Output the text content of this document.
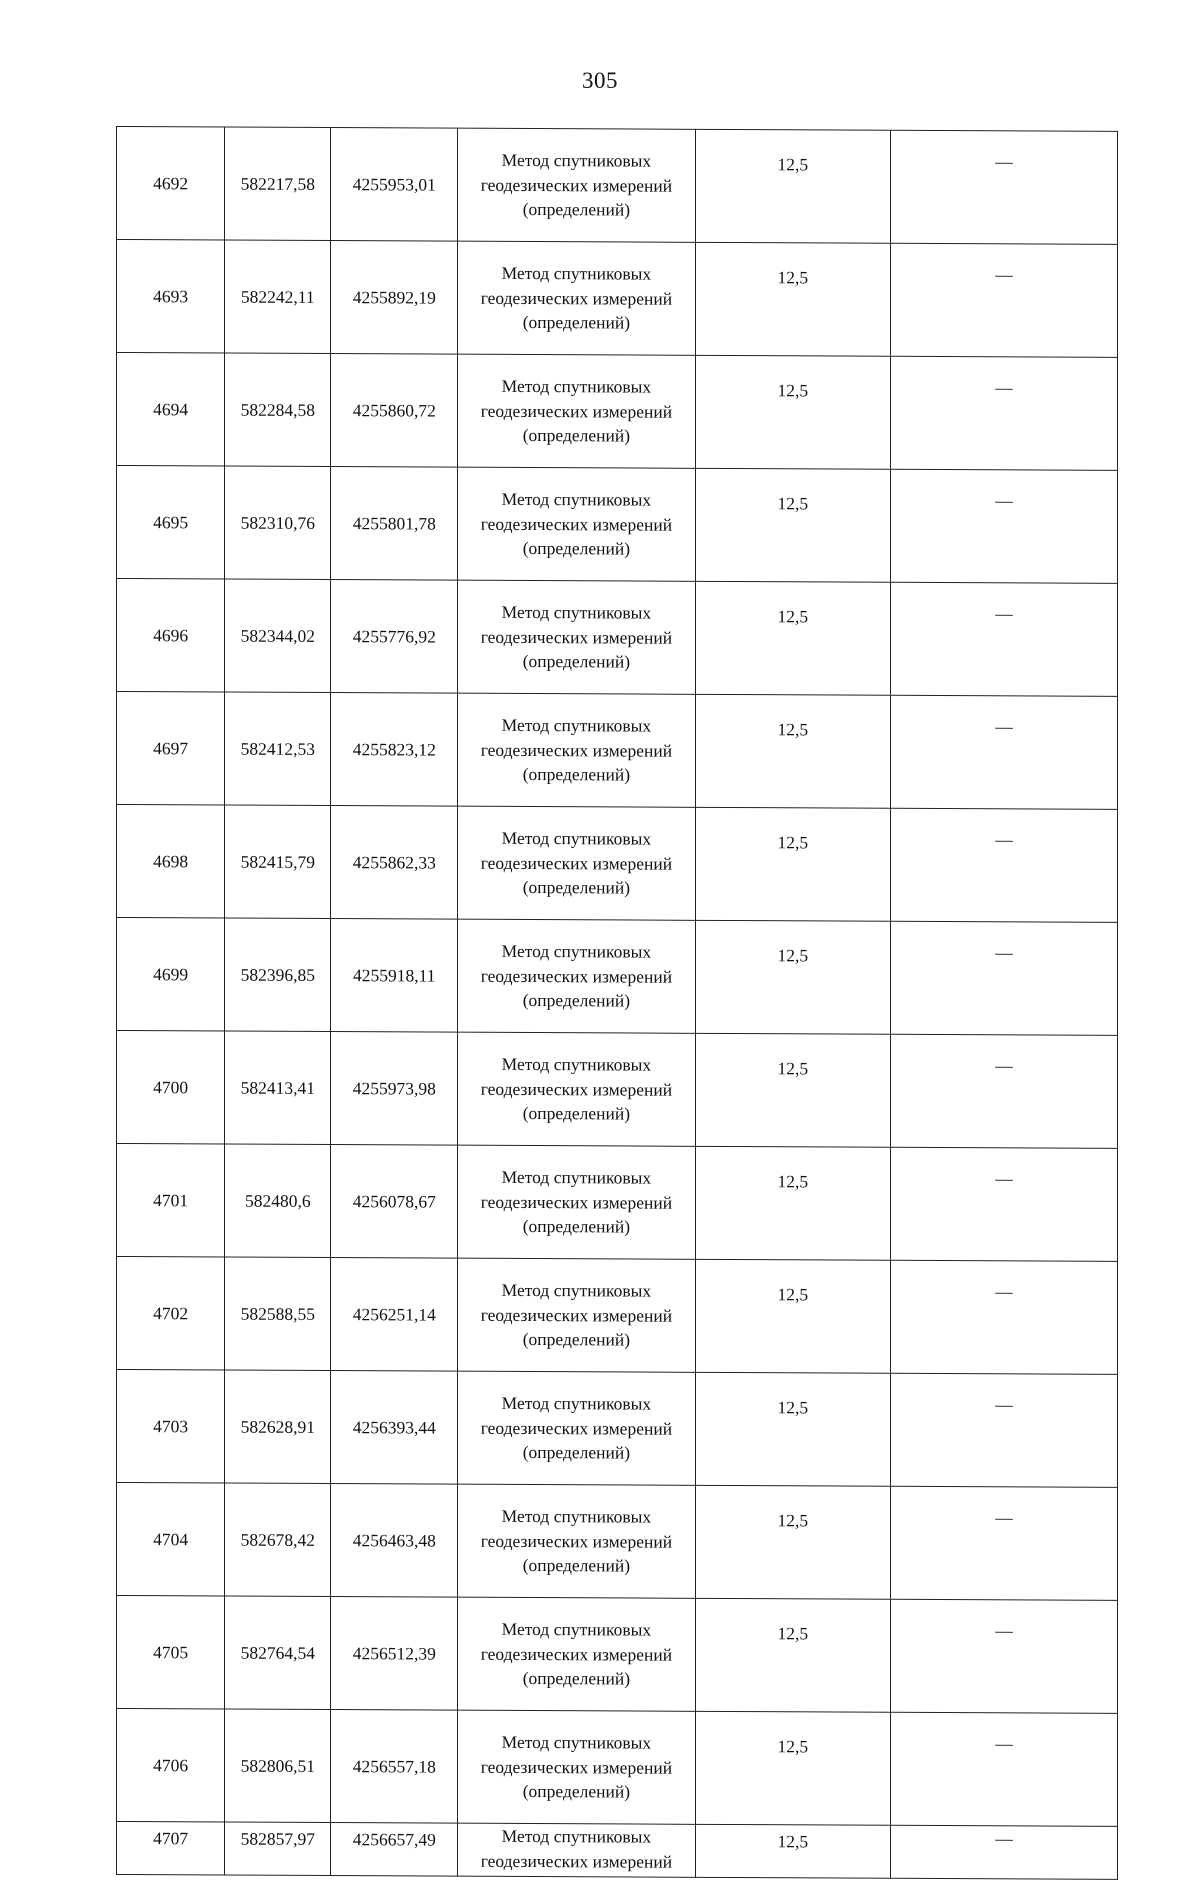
305
4692	582217,58	4255953,01	Метод спутниковых
геодезических измерений
(определений)	12,5	—
4693	582242,11	4255892,19	Метод спутниковых
геодезических измерений
(определений)	12,5	—
4694	582284,58	4255860,72	Метод спутниковых
геодезических измерений
(определений)	12,5	—
4695	582310,76	4255801,78	Метод спутниковых
геодезических измерений
(определений)	12,5	—
4696	582344,02	4255776,92	Метод спутниковых
геодезических измерений
(определений)	12,5	—
4697	582412,53	4255823,12	Метод спутниковых
геодезических измерений
(определений)	12,5	—
4698	582415,79	4255862,33	Метод спутниковых
геодезических измерений
(определений)	12,5	—
4699	582396,85	4255918,11	Метод спутниковых
геодезических измерений
(определений)	12,5	—
4700	582413,41	4255973,98	Метод спутниковых
геодезических измерений
(определений)	12,5	—
4701	582480,6	4256078,67	Метод спутниковых
геодезических измерений
(определений)	12,5	—
4702	582588,55	4256251,14	Метод спутниковых
геодезических измерений
(определений)	12,5	—
4703	582628,91	4256393,44	Метод спутниковых
геодезических измерений
(определений)	12,5	—
4704	582678,42	4256463,48	Метод спутниковых
геодезических измерений
(определений)	12,5	—
4705	582764,54	4256512,39	Метод спутниковых
геодезических измерений
(определений)	12,5	—
4706	582806,51	4256557,18	Метод спутниковых
геодезических измерений
(определений)	12,5	—
4707	582857,97	4256657,49	Метод спутниковых
геодезических измерений	12,5	—
